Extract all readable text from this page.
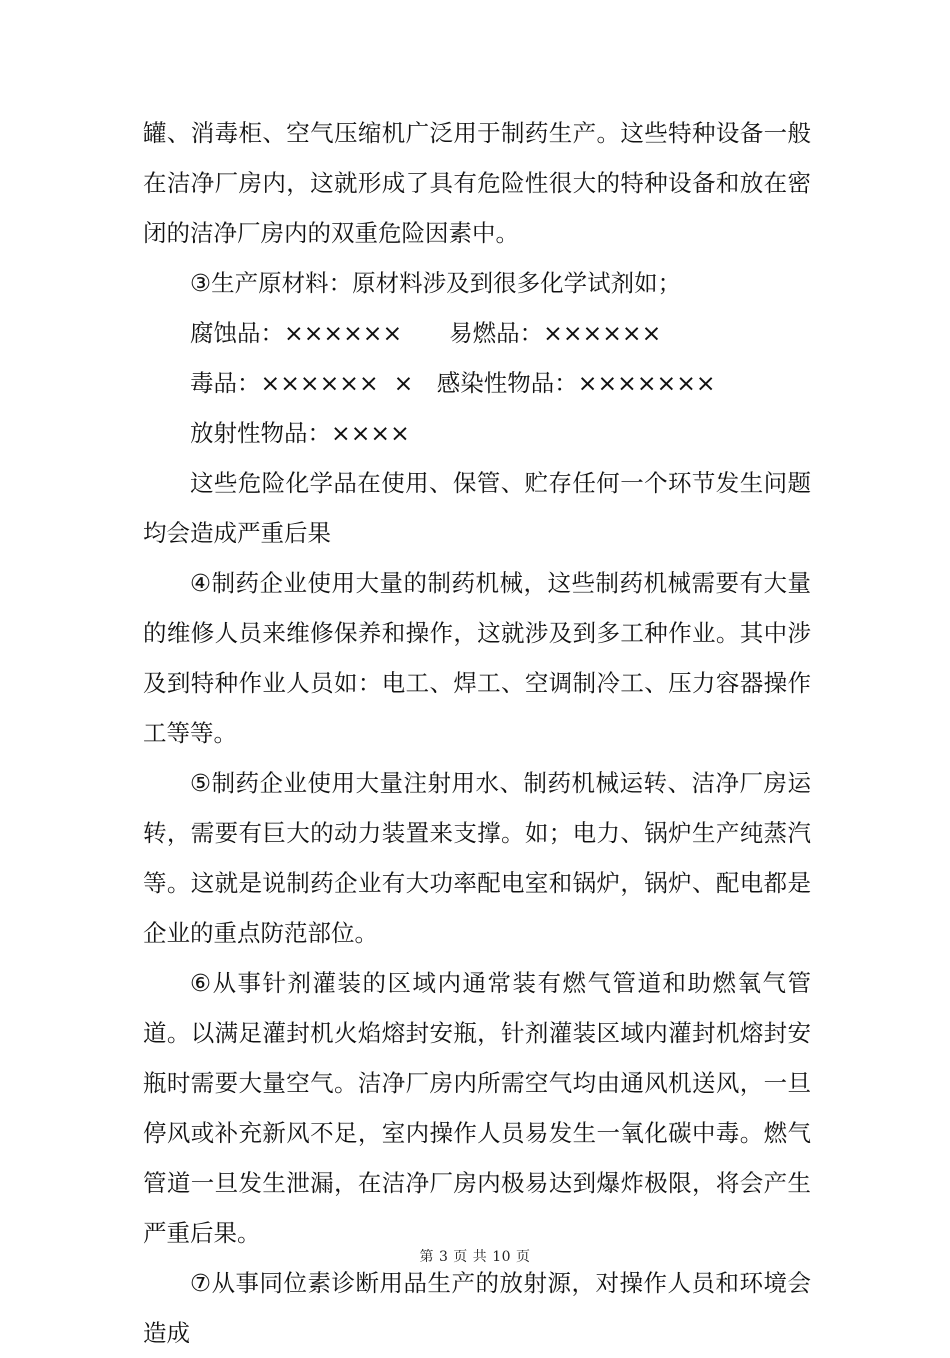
罐、消毒柜、空气压缩机广泛用于制药生产。这些特种设备一般在洁净厂房内，这就形成了具有危险性很大的特种设备和放在密闭的洁净厂房内的双重危险因素中。

③生产原材料：原材料涉及到很多化学试剂如；

腐蚀品：××××××　　易燃品：××××××

毒品：××××××  ×　感染性物品：×××××××

放射性物品：××××

这些危险化学品在使用、保管、贮存任何一个环节发生问题均会造成严重后果

④制药企业使用大量的制药机械，这些制药机械需要有大量的维修人员来维修保养和操作，这就涉及到多工种作业。其中涉及到特种作业人员如：电工、焊工、空调制冷工、压力容器操作工等等。

⑤制药企业使用大量注射用水、制药机械运转、洁净厂房运转，需要有巨大的动力装置来支撑。如；电力、锅炉生产纯蒸汽等。这就是说制药企业有大功率配电室和锅炉，锅炉、配电都是企业的重点防范部位。

⑥从事针剂灌装的区域内通常装有燃气管道和助燃氧气管道。以满足灌封机火焰熔封安瓶，针剂灌装区域内灌封机熔封安瓶时需要大量空气。洁净厂房内所需空气均由通风机送风，一旦停风或补充新风不足，室内操作人员易发生一氧化碳中毒。燃气管道一旦发生泄漏，在洁净厂房内极易达到爆炸极限，将会产生严重后果。

⑦从事同位素诊断用品生产的放射源，对操作人员和环境会造成

第 3 页 共 10 页
